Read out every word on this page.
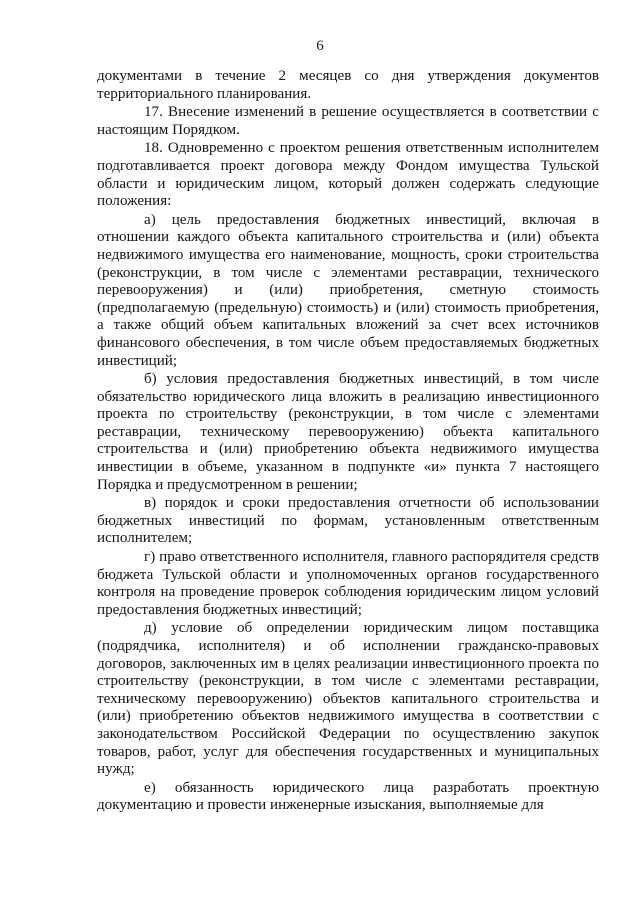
6

документами в течение 2 месяцев со дня утверждения документов территориального планирования.

17. Внесение изменений в решение осуществляется в соответствии с настоящим Порядком.

18. Одновременно с проектом решения ответственным исполнителем подготавливается проект договора между Фондом имущества Тульской области и юридическим лицом, который должен содержать следующие положения:

а) цель предоставления бюджетных инвестиций, включая в отношении каждого объекта капитального строительства и (или) объекта недвижимого имущества его наименование, мощность, сроки строительства (реконструкции, в том числе с элементами реставрации, технического перевооружения) и (или) приобретения, сметную стоимость (предполагаемую (предельную) стоимость) и (или) стоимость приобретения, а также общий объем капитальных вложений за счет всех источников финансового обеспечения, в том числе объем предоставляемых бюджетных инвестиций;

б) условия предоставления бюджетных инвестиций, в том числе обязательство юридического лица вложить в реализацию инвестиционного проекта по строительству (реконструкции, в том числе с элементами реставрации, техническому перевооружению) объекта капитального строительства и (или) приобретению объекта недвижимого имущества инвестиции в объеме, указанном в подпункте «и» пункта 7 настоящего Порядка и предусмотренном в решении;

в) порядок и сроки предоставления отчетности об использовании бюджетных инвестиций по формам, установленным ответственным исполнителем;

г) право ответственного исполнителя, главного распорядителя средств бюджета Тульской области и уполномоченных органов государственного контроля на проведение проверок соблюдения юридическим лицом условий предоставления бюджетных инвестиций;

д) условие об определении юридическим лицом поставщика (подрядчика, исполнителя) и об исполнении гражданско-правовых договоров, заключенных им в целях реализации инвестиционного проекта по строительству (реконструкции, в том числе с элементами реставрации, техническому перевооружению) объектов капитального строительства и (или) приобретению объектов недвижимого имущества в соответствии с законодательством Российской Федерации по осуществлению закупок товаров, работ, услуг для обеспечения государственных и муниципальных нужд;

е) обязанность юридического лица разработать проектную документацию и провести инженерные изыскания, выполняемые для
